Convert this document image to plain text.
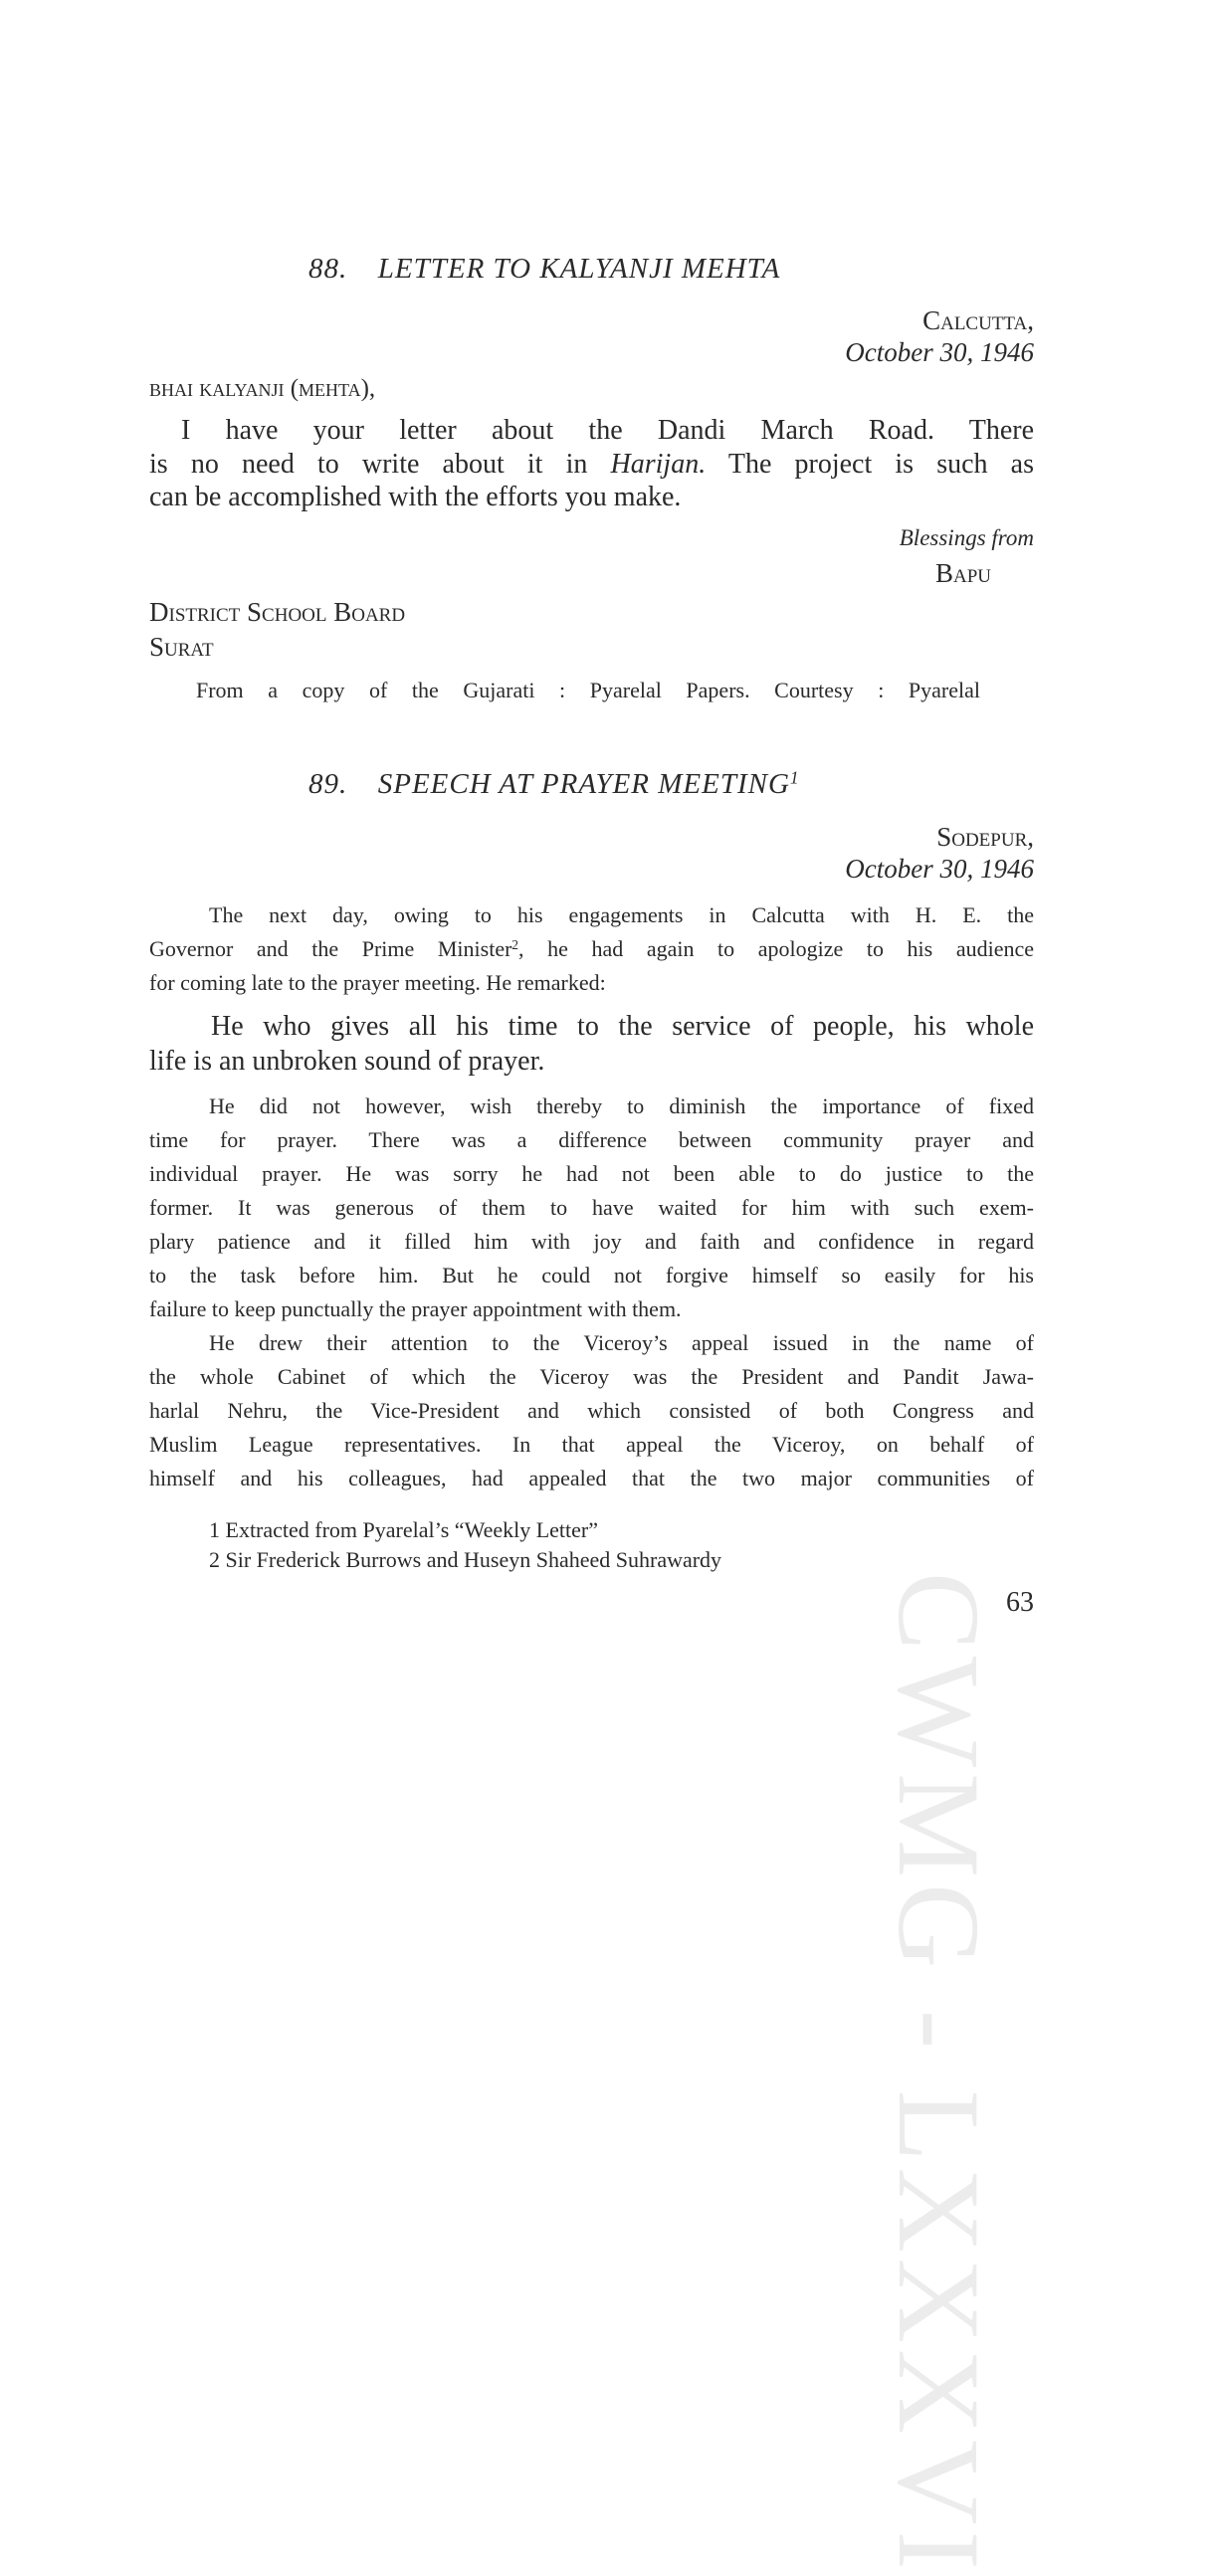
CWMG - LXXXVI
88. LETTER TO KALYANJI MEHTA
Calcutta,
October 30, 1946
bhai kalyanji (mehta),
I have your letter about the Dandi March Road. There
is no need to write about it in Harijan. The project is such as
can be accomplished with the efforts you make.
Blessings from
Bapu
District School Board
Surat
From a copy of the Gujarati : Pyarelal Papers. Courtesy : Pyarelal
89. SPEECH AT PRAYER MEETING$^1$
Sodepur,
October 30, 1946
The next day, owing to his engagements in Calcutta with H. E. the
Governor and the Prime Minister$^2$, he had again to apologize to his audience
for coming late to the prayer meeting. He remarked:
He who gives all his time to the service of people, his whole
life is an unbroken sound of prayer.
He did not however, wish thereby to diminish the importance of fixed
time for prayer. There was a difference between community prayer and
individual prayer. He was sorry he had not been able to do justice to the
former. It was generous of them to have waited for him with such exem-
plary patience and it filled him with joy and faith and confidence in regard
to the task before him. But he could not forgive himself so easily for his
failure to keep punctually the prayer appointment with them.
He drew their attention to the Viceroy’s appeal issued in the name of
the whole Cabinet of which the Viceroy was the President and Pandit Jawa-
harlal Nehru, the Vice-President and which consisted of both Congress and
Muslim League representatives. In that appeal the Viceroy, on behalf of
himself and his colleagues, had appealed that the two major communities of
1 Extracted from Pyarelal’s “Weekly Letter”
2 Sir Frederick Burrows and Huseyn Shaheed Suhrawardy
63
